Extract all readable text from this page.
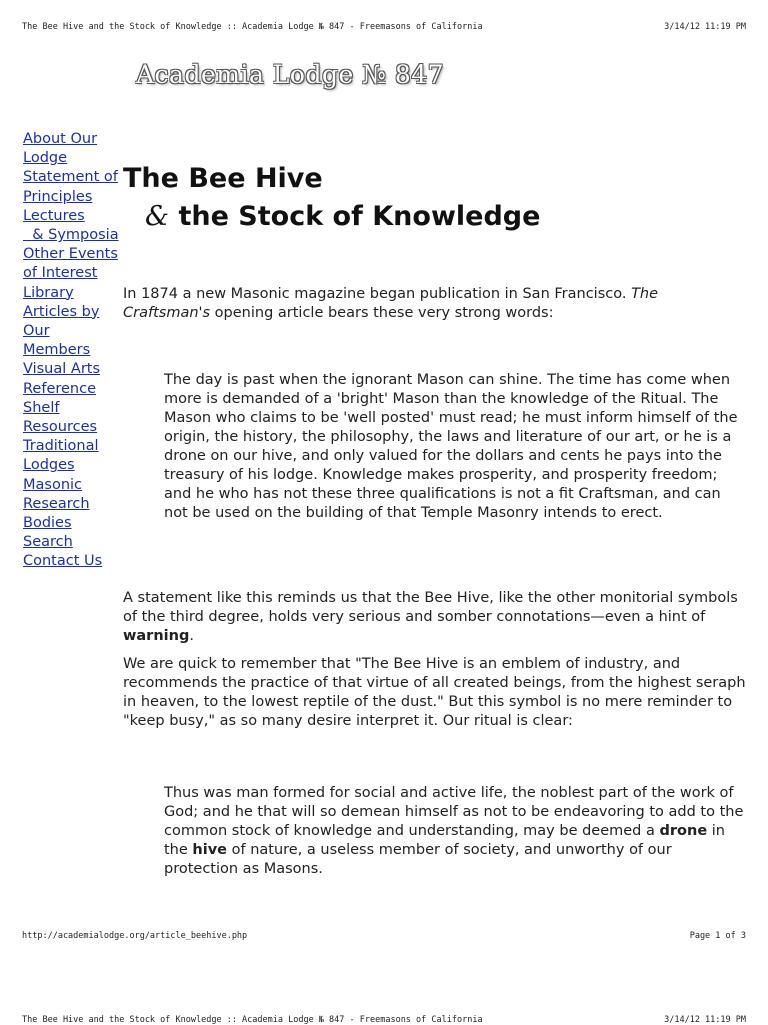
The Bee Hive and the Stock of Knowledge :: Academia Lodge № 847 - Freemasons of California	3/14/12 11:19 PM
Academia Lodge № 847
About Our
Lodge
Statement of
Principles
Lectures
& Symposia
Other Events
of Interest
Library
Articles by
Our
Members
Visual Arts
Reference
Shelf
Resources
Traditional
Lodges
Masonic
Research
Bodies
Search
Contact Us
The Bee Hive
& the Stock of Knowledge

In 1874 a new Masonic magazine began publication in San Francisco. The Craftsman's opening article bears these very strong words:

The day is past when the ignorant Mason can shine. The time has come when more is demanded of a 'bright' Mason than the knowledge of the Ritual. The Mason who claims to be 'well posted' must read; he must inform himself of the origin, the history, the philosophy, the laws and literature of our art, or he is a drone on our hive, and only valued for the dollars and cents he pays into the treasury of his lodge. Knowledge makes prosperity, and prosperity freedom; and he who has not these three qualifications is not a fit Craftsman, and can not be used on the building of that Temple Masonry intends to erect.

A statement like this reminds us that the Bee Hive, like the other monitorial symbols of the third degree, holds very serious and somber connotations—even a hint of warning.

We are quick to remember that "The Bee Hive is an emblem of industry, and recommends the practice of that virtue of all created beings, from the highest seraph in heaven, to the lowest reptile of the dust." But this symbol is no mere reminder to "keep busy," as so many desire interpret it. Our ritual is clear:

Thus was man formed for social and active life, the noblest part of the work of God; and he that will so demean himself as not to be endeavoring to add to the common stock of knowledge and understanding, may be deemed a drone in the hive of nature, a useless member of society, and unworthy of our protection as Masons.

http://academialodge.org/article_beehive.php	Page 1 of 3
The Bee Hive and the Stock of Knowledge :: Academia Lodge № 847 - Freemasons of California	3/14/12 11:19 PM
